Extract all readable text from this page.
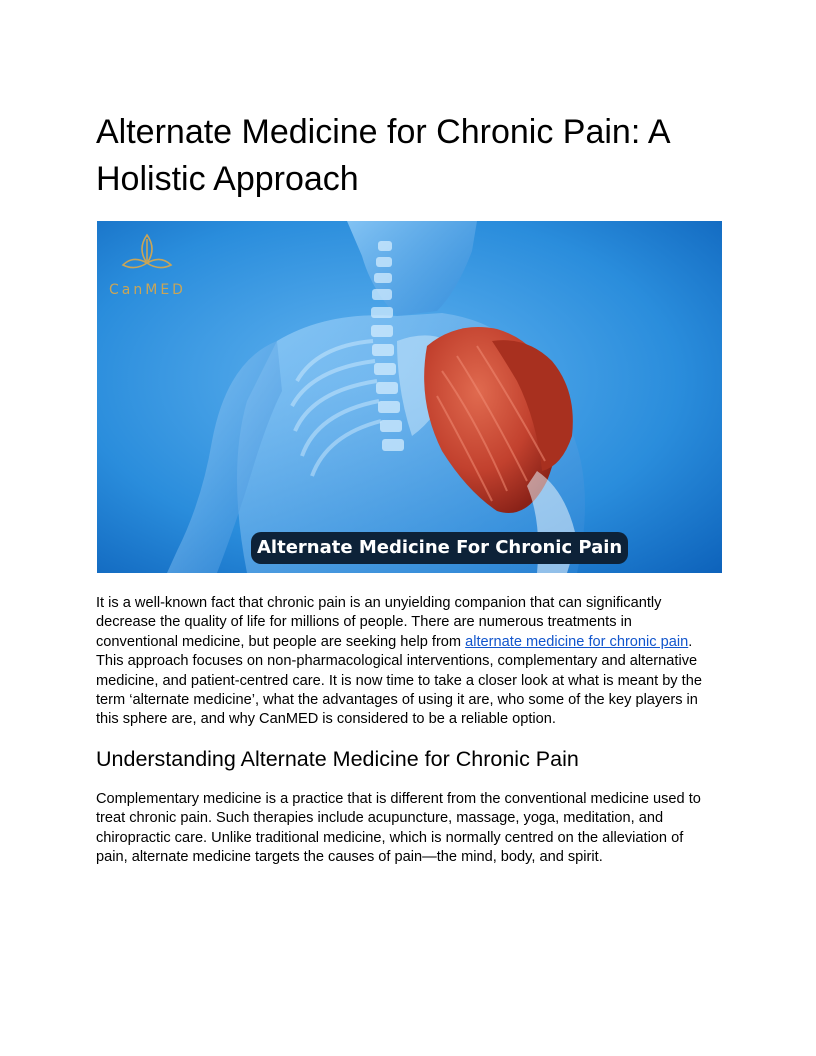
Alternate Medicine for Chronic Pain: A Holistic Approach
CanMED
Alternate Medicine For Chronic Pain

It is a well-known fact that chronic pain is an unyielding companion that can significantly decrease the quality of life for millions of people. There are numerous treatments in conventional medicine, but people are seeking help from alternate medicine for chronic pain. This approach focuses on non-pharmacological interventions, complementary and alternative medicine, and patient-centred care. It is now time to take a closer look at what is meant by the term ‘alternate medicine’, what the advantages of using it are, who some of the key players in this sphere are, and why CanMED is considered to be a reliable option.

Understanding Alternate Medicine for Chronic Pain

Complementary medicine is a practice that is different from the conventional medicine used to treat chronic pain. Such therapies include acupuncture, massage, yoga, meditation, and chiropractic care. Unlike traditional medicine, which is normally centred on the alleviation of pain, alternate medicine targets the causes of pain—the mind, body, and spirit.
